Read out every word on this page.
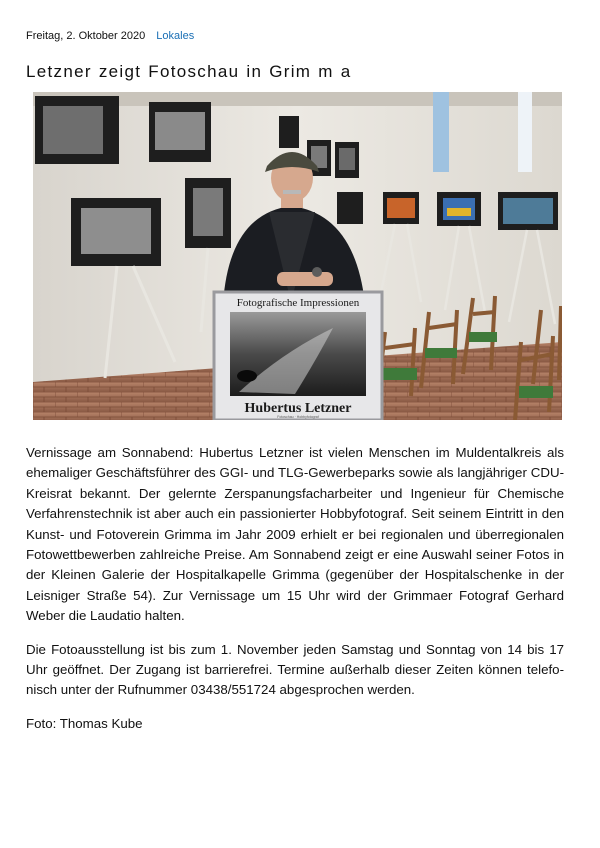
Freitag, 2. Oktober 2020 Lokales
Letzner zeigt Fotoschau in Grim m a
Fotografische Impressionen
Hubertus Letzner
Fotoschau · Hobbyfotograf

Vernissage am Sonnabend: Hubertus Letzner ist vielen Menschen im Muldentalkreis als ehemaliger Geschäftsführer des GGI- und TLG-Gewerbeparks sowie als langjähriger CDU-Kreisrat bekannt. Der gelernte Zerspanungsfacharbeiter und Ingenieur für Chemische Verfahrenstechnik ist aber auch ein passionierter Hobbyfotograf. Seit seinem Eintritt in den Kunst- und Fotoverein Grimma im Jahr 2009 erhielt er bei regionalen und überregionalen Fotowettbewerben zahlreiche Preise. Am Sonnabend zeigt er eine Auswahl seiner Fotos in der Kleinen Galerie der Hospitalkapelle Grimma (gegenüber der Hospitalschenke in der Leisniger Straße 54). Zur Vernissage um 15 Uhr wird der Grimmaer Fotograf Gerhard Weber die Laudatio halten.

Die Fotoausstellung ist bis zum 1. November jeden Samstag und Sonntag von 14 bis 17 Uhr geöffnet. Der Zugang ist barrierefrei. Termine außerhalb dieser Zeiten können telefonisch unter der Rufnummer 03438/551724 abgesprochen werden.

Foto: Thomas Kube
